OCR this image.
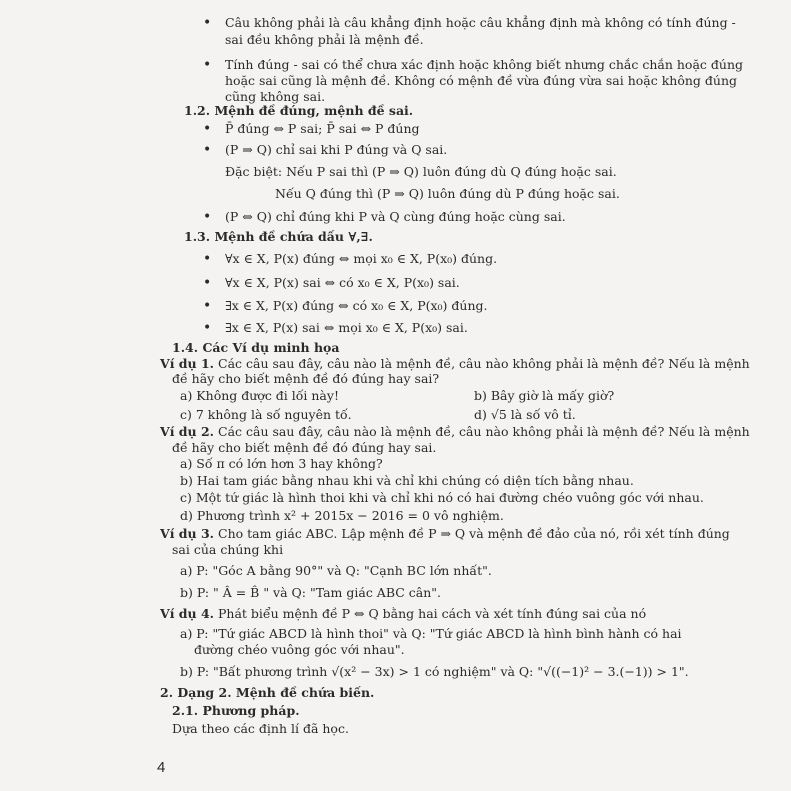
• Câu không phải là câu khẳng định hoặc câu khẳng định mà không có tính đúng -
sai đều không phải là mệnh đề.
• Tính đúng - sai có thể chưa xác định hoặc không biết nhưng chắc chắn hoặc đúng
hoặc sai cũng là mệnh đề. Không có mệnh đề vừa đúng vừa sai hoặc không đúng
cũng không sai.
1.2. Mệnh đề đúng, mệnh đề sai.
• P̄ đúng ⇔ P sai; P̄ sai ⇔ P đúng
• (P ⇒ Q) chỉ sai khi P đúng và Q sai.
Đặc biệt: Nếu P sai thì (P ⇒ Q) luôn đúng dù Q đúng hoặc sai.
Nếu Q đúng thì (P ⇒ Q) luôn đúng dù P đúng hoặc sai.
• (P ⇔ Q) chỉ đúng khi P và Q cùng đúng hoặc cùng sai.
1.3. Mệnh đề chứa dấu ∀,∃.
• ∀x ∈ X, P(x) đúng ⇔ mọi x₀ ∈ X, P(x₀) đúng.
• ∀x ∈ X, P(x) sai ⇔ có x₀ ∈ X, P(x₀) sai.
• ∃x ∈ X, P(x) đúng ⇔ có x₀ ∈ X, P(x₀) đúng.
• ∃x ∈ X, P(x) sai ⇔ mọi x₀ ∈ X, P(x₀) sai.
1.4. Các Ví dụ minh họa
Ví dụ 1. Các câu sau đây, câu nào là mệnh đề, câu nào không phải là mệnh đề? Nếu là mệnh
đề hãy cho biết mệnh đề đó đúng hay sai?
a) Không được đi lối này!	b) Bây giờ là mấy giờ?
c) 7 không là số nguyên tố.	d) √5 là số vô tỉ.
Ví dụ 2. Các câu sau đây, câu nào là mệnh đề, câu nào không phải là mệnh đề? Nếu là mệnh
đề hãy cho biết mệnh đề đó đúng hay sai.
a) Số π có lớn hơn 3 hay không?
b) Hai tam giác bằng nhau khi và chỉ khi chúng có diện tích bằng nhau.
c) Một tứ giác là hình thoi khi và chỉ khi nó có hai đường chéo vuông góc với nhau.
d) Phương trình x² + 2015x − 2016 = 0 vô nghiệm.
Ví dụ 3. Cho tam giác ABC. Lập mệnh đề P ⇒ Q và mệnh đề đảo của nó, rồi xét tính đúng
sai của chúng khi
a) P: "Góc A bằng 90°" và Q: "Cạnh BC lớn nhất".
b) P: " Â = B̂ " và Q: "Tam giác ABC cân".
Ví dụ 4. Phát biểu mệnh đề P ⇔ Q bằng hai cách và xét tính đúng sai của nó
a) P: "Tứ giác ABCD là hình thoi" và Q: "Tứ giác ABCD là hình bình hành có hai
đường chéo vuông góc với nhau".
b) P: "Bất phương trình √(x² − 3x) > 1 có nghiệm" và Q: "√((−1)² − 3.(−1)) > 1".
2. Dạng 2. Mệnh đề chứa biến.
2.1. Phương pháp.
Dựa theo các định lí đã học.
4
